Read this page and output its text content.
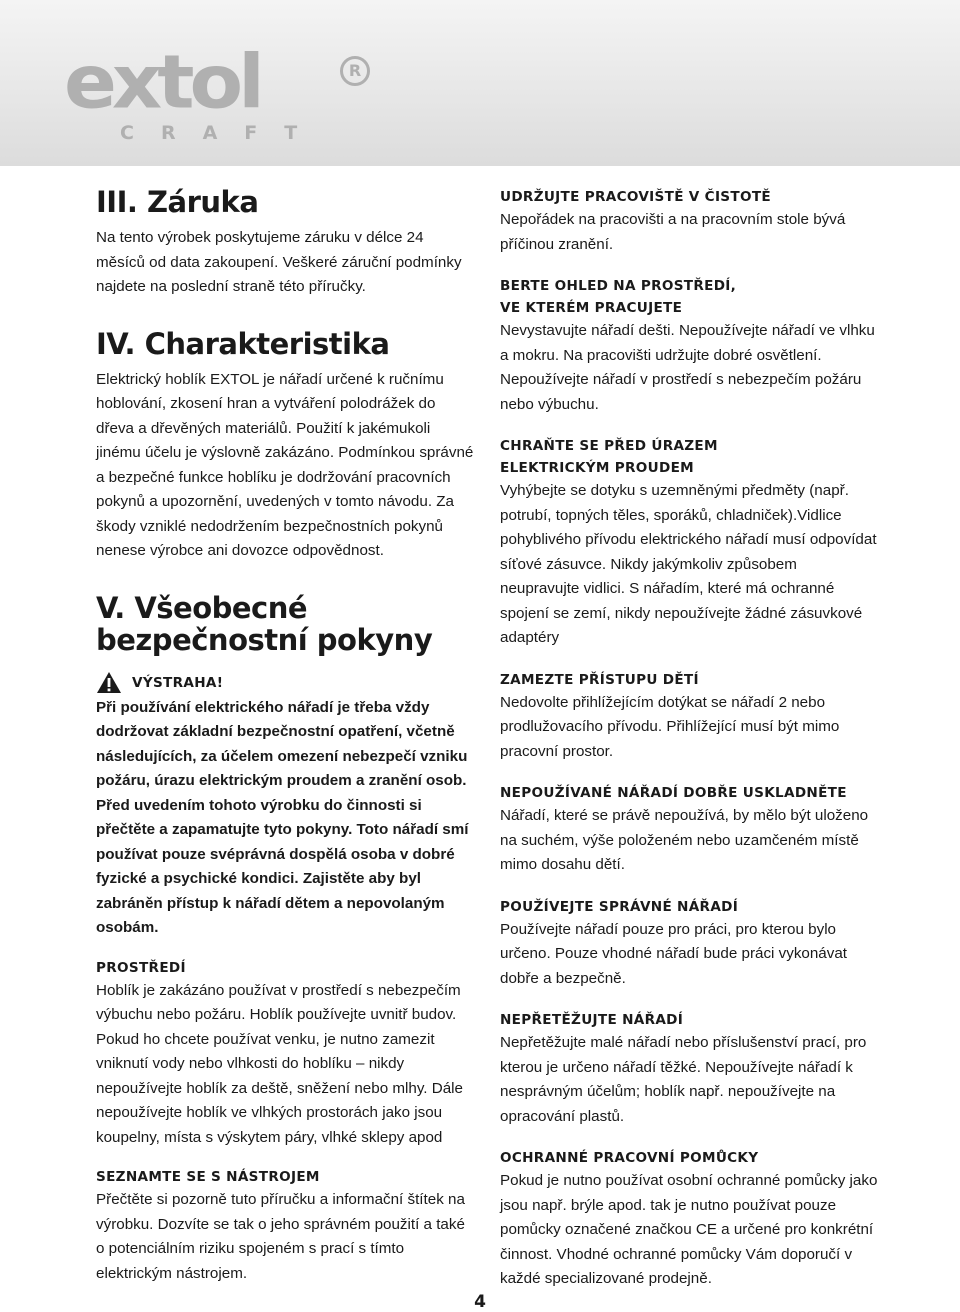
extol	R
CRAFT
III. Záruka

Na tento výrobek poskytujeme záruku v délce 24 měsíců od data zakoupení. Veškeré záruční podmínky najdete na poslední straně této příručky.

IV. Charakteristika

Elektrický hoblík EXTOL je nářadí určené k ručnímu hoblování, zkosení hran a vytváření polodrážek do dřeva a dřevěných materiálů. Použití k jakémukoli jinému účelu je výslovně zakázáno. Podmínkou správné a bezpečné funkce hoblíku je dodržování pracovních pokynů a upozornění, uvedených v tomto návodu. Za škody vzniklé nedodržením bezpečnostních pokynů nenese výrobce ani dovozce odpovědnost.

V. Všeobecné
bezpečnostní pokyny
VÝSTRAHA!

Při používání elektrického nářadí je třeba vždy dodržovat základní bezpečnostní opatření, včetně následujících, za účelem omezení nebezpečí vzniku požáru, úrazu elektrickým proudem a zranění osob.

Před uvedením tohoto výrobku do činnosti si přečtěte a zapamatujte tyto pokyny. Toto nářadí smí používat pouze svéprávná dospělá osoba v dobré fyzické a psychické kondici. Zajistěte aby byl zabráněn přístup k nářadí dětem a nepovolaným osobám.

PROSTŘEDÍ

Hoblík je zakázáno používat v prostředí s nebezpečím výbuchu nebo požáru. Hoblík používejte uvnitř budov. Pokud ho chcete používat venku, je nutno zamezit vniknutí vody nebo vlhkosti do hoblíku – nikdy nepoužívejte hoblík za deště, sněžení nebo mlhy. Dále nepoužívejte hoblík ve vlhkých prostorách jako jsou koupelny, místa s výskytem páry, vlhké sklepy apod

SEZNAMTE SE S NÁSTROJEM

Přečtěte si pozorně tuto příručku a informační štítek na výrobku. Dozvíte se tak o jeho správném použití a také o potenciálním riziku spojeném s prací s tímto elektrickým nástrojem.

UDRŽUJTE PRACOVIŠTĚ V ČISTOTĚ

Nepořádek na pracovišti a na pracovním stole bývá příčinou zranění.

BERTE OHLED NA PROSTŘEDÍ,
VE KTERÉM PRACUJETE

Nevystavujte nářadí dešti. Nepoužívejte nářadí ve vlhku a mokru. Na pracovišti udržujte dobré osvětlení. Nepoužívejte nářadí v prostředí s nebezpečím požáru nebo výbuchu.

CHRAŇTE SE PŘED ÚRAZEM
ELEKTRICKÝM PROUDEM

Vyhýbejte se dotyku s uzemněnými předměty (např. potrubí, topných těles, sporáků, chladniček).Vidlice pohyblivého přívodu elektrického nářadí musí odpovídat síťové zásuvce. Nikdy jakýmkoliv způsobem neupravujte vidlici. S nářadím, které má ochranné spojení se zemí, nikdy nepoužívejte žádné zásuvkové adaptéry

ZAMEZTE PŘÍSTUPU DĚTÍ

Nedovolte přihlížejícím dotýkat se nářadí 2 nebo prodlužovacího přívodu. Přihlížející musí být mimo pracovní prostor.

NEPOUŽÍVANÉ NÁŘADÍ DOBŘE USKLADNĚTE

Nářadí, které se právě nepoužívá, by mělo být uloženo na suchém, výše položeném nebo uzamčeném místě mimo dosahu dětí.

POUŽÍVEJTE SPRÁVNÉ NÁŘADÍ

Používejte nářadí pouze pro práci, pro kterou bylo určeno. Pouze vhodné nářadí bude práci vykonávat dobře a bezpečně.

NEPŘETĚŽUJTE NÁŘADÍ

Nepřetěžujte malé nářadí nebo příslušenství prací, pro kterou je určeno nářadí těžké. Nepoužívejte nářadí k nesprávným účelům; hoblík např. nepoužívejte na opracování plastů.

OCHRANNÉ PRACOVNÍ POMŮCKY

Pokud je nutno používat osobní ochranné pomůcky jako jsou např. brýle apod. tak je nutno používat pouze pomůcky označené značkou CE a určené pro konkrétní činnost. Vhodné ochranné pomůcky Vám doporučí v každé specializované prodejně.

4
